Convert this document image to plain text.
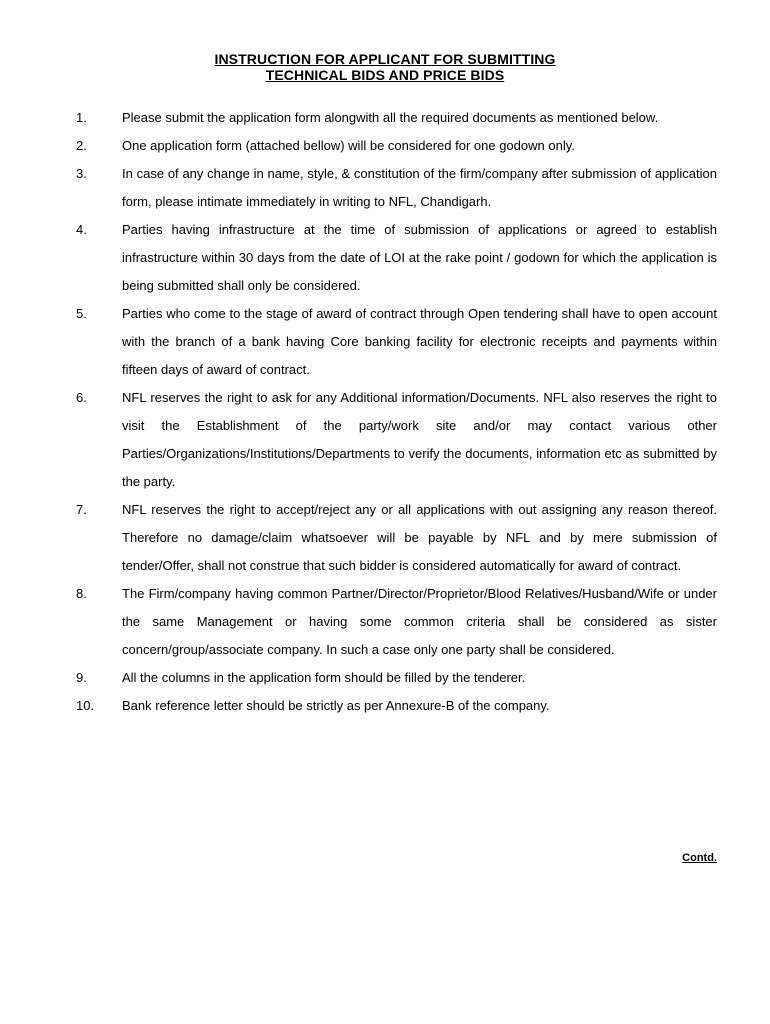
INSTRUCTION FOR APPLICANT FOR SUBMITTING
TECHNICAL BIDS AND PRICE BIDS
1.	Please submit the application form alongwith all the required documents as mentioned below.
2.	One application form (attached bellow) will be considered for one godown only.
3.	In case of any change in name, style, & constitution of the firm/company after submission of application form, please intimate immediately in writing to NFL, Chandigarh.
4.	Parties having infrastructure at the time of submission of applications or agreed to establish infrastructure within 30 days from the date of LOI at the rake point / godown for which the application is being submitted shall only be considered.
5.	Parties who come to the stage of award of contract through Open tendering shall have to open account with the branch of a bank having Core banking facility for electronic receipts and payments within fifteen days of award of contract.
6.	NFL reserves the right to ask for any Additional information/Documents. NFL also reserves the right to visit the Establishment of the party/work site and/or may contact various other Parties/Organizations/Institutions/Departments to verify the documents, information etc as submitted by the party.
7.	NFL reserves the right to accept/reject any or all applications with out assigning any reason thereof. Therefore no damage/claim whatsoever will be payable by NFL and by mere submission of tender/Offer, shall not construe that such bidder is considered automatically for award of contract.
8.	The Firm/company having common Partner/Director/Proprietor/Blood Relatives/Husband/Wife or under the same Management or having some common criteria shall be considered as sister concern/group/associate company. In such a case only one party shall be considered.
9.	All the columns in the application form should be filled by the tenderer.
10. Bank reference letter should be strictly as per Annexure-B of the company.
Contd.
